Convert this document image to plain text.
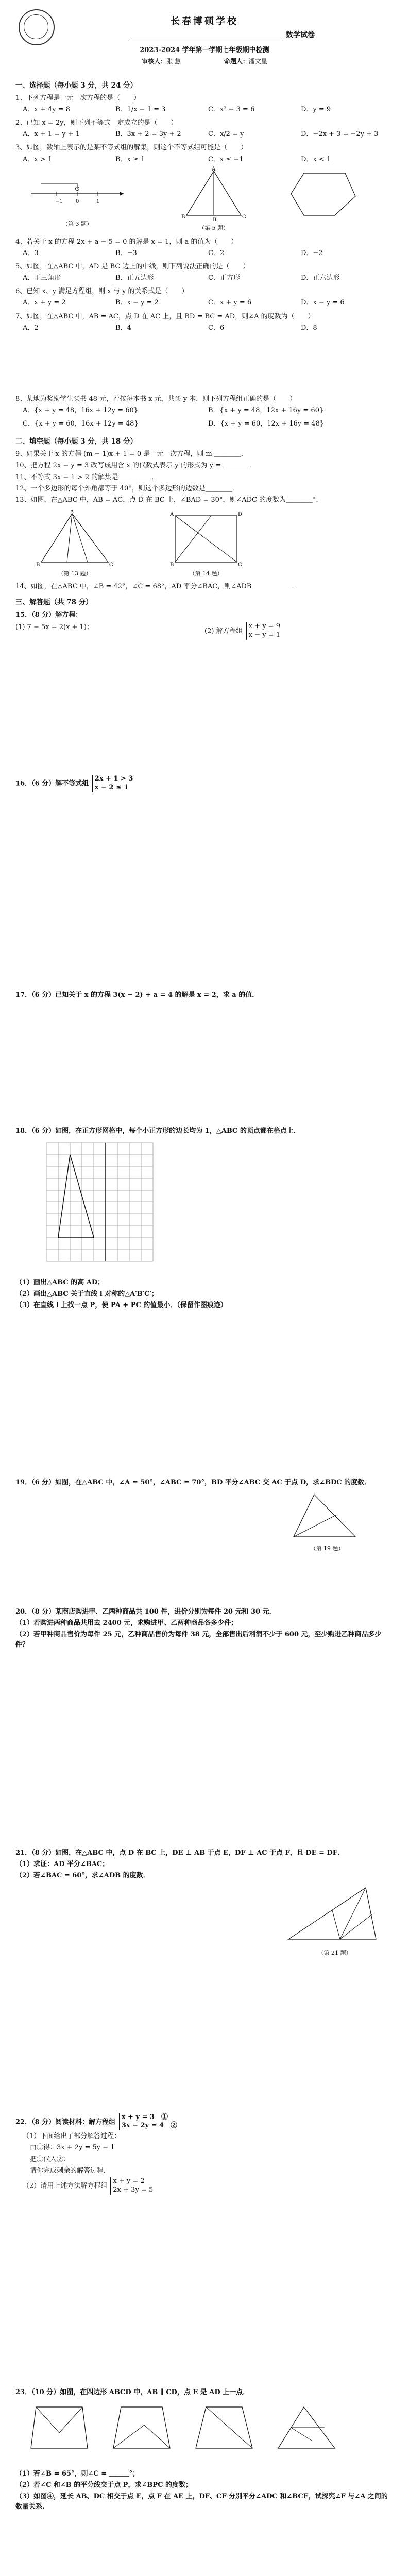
长春博硕学校
数学试卷
2023-2024 学年第一学期七年级期中检测
审核人：张 慧	命题人：潘文星
一、选择题（每小题 3 分，共 24 分）
1、下列方程是一元一次方程的是（　　）
A．x + 4y = 8	B．1/x − 1 = 3	C．x² − 3 = 6	D．y = 9
2、已知 x = 2y，则下列不等式一定成立的是（　　）
A．x + 1 = y + 1	B．3x + 2 = 3y + 2	C．x/2 = y	D．−2x + 3 = −2y + 3
3、如图，数轴上表示的是某不等式组的解集，则这个不等式组可能是（　　）
A．x > 1	B．x ≥ 1	C．x ≤ −1	D．x < 1
−1	0	1
（第 3 题）
A
B	C
D
（第 5 题）
4、若关于 x 的方程 2x + a − 5 = 0 的解是 x = 1，则 a 的值为（　　）
A．3	B．−3	C．2	D．−2
5、如图，在△ABC 中，AD 是 BC 边上的中线，则下列说法正确的是（　　）
A．正三角形	B．正五边形	C．正方形	D．正六边形
6、已知 x、y 满足方程组，则 x 与 y 的关系式是（　　）
A．x + y = 2	B．x − y = 2	C．x + y = 6	D．x − y = 6
7、如图，在△ABC 中，AB = AC，点 D 在 AC 上，且 BD = BC = AD，则∠A 的度数为（　　）
A．2	B．4	C．6	D．8
8、某地为奖励学生买书 48 元，若按每本书 x 元，共买 y 本，则下列方程组正确的是（　　）
A．{x + y = 48，16x + 12y = 60}	B．{x + y = 48，12x + 16y = 60}
C．{x + y = 60，16x + 12y = 48}	D．{x + y = 60，12x + 16y = 48}
二、填空题（每小题 3 分，共 18 分）
9、如果关于 x 的方程 (m − 1)x + 1 = 0 是一元一次方程，则 m ＿＿＿＿．
10、把方程 2x − y = 3 改写成用含 x 的代数式表示 y 的形式为 y = ＿＿＿＿．
11、不等式 3x − 1 > 2 的解集是＿＿＿＿＿．
12、一个多边形的每个外角都等于 40°，则这个多边形的边数是＿＿＿＿．
13、如图，在△ABC 中，AB = AC，点 D 在 BC 上，∠BAD = 30°，则∠ADC 的度数为＿＿＿＿°．
A
B	C
（第 13 题）
A	D
B	C
（第 14 题）
14、如图，在△ABC 中，∠B = 42°，∠C = 68°，AD 平分∠BAC，则∠ADB＿＿＿＿＿＿．
三、解答题（共 78 分）
15．（8 分）解方程：
(1) 7 − 5x = 2(x + 1)；	(2) 解方程组 x + y = 9
x − y = 1
16．（6 分）解不等式组 2x + 1 > 3
x − 2 ≤ 1
17．（6 分）已知关于 x 的方程 3(x − 2) + a = 4 的解是 x = 2，求 a 的值．
18．（6 分）如图，在正方形网格中，每个小正方形的边长均为 1，△ABC 的顶点都在格点上．
（1）画出△ABC 的高 AD；
（2）画出△ABC 关于直线 l 对称的△A′B′C′；
（3）在直线 l 上找一点 P，使 PA + PC 的值最小．（保留作图痕迹）
19．（6 分）如图，在△ABC 中，∠A = 50°，∠ABC = 70°，BD 平分∠ABC 交 AC 于点 D，求∠BDC 的度数．
（第 19 题）
20．（8 分）某商店购进甲、乙两种商品共 100 件，进价分别为每件 20 元和 30 元．
（1）若购进两种商品共用去 2400 元，求购进甲、乙两种商品各多少件；
（2）若甲种商品售价为每件 25 元，乙种商品售价为每件 38 元，全部售出后利润不少于 600 元，至少购进乙种商品多少件？
21．（8 分）如图，在△ABC 中，点 D 在 BC 上，DE ⊥ AB 于点 E，DF ⊥ AC 于点 F，且 DE = DF．
（1）求证：AD 平分∠BAC；
（2）若∠BAC = 60°，求∠ADB 的度数．
（第 21 题）
22．（8 分）阅读材料：解方程组 x + y = 3　①
3x − 2y = 4　②
（1）下面给出了部分解答过程：
由①得：3x + 2y = 5y − 1
把①代入②：
请你完成剩余的解答过程．
（2）请用上述方法解方程组 x + y = 2
2x + 3y = 5
23．（10 分）如图，在四边形 ABCD 中，AB ∥ CD，点 E 是 AD 上一点．
（1）若∠B = 65°，则∠C = ＿＿＿°；
（2）若∠C 和∠B 的平分线交于点 P，求∠BPC 的度数；
（3）如图④，延长 AB、DC 相交于点 E，点 F 在 AE 上，DF、CF 分别平分∠ADC 和∠BCE，试探究∠F 与∠A 之间的数量关系．
